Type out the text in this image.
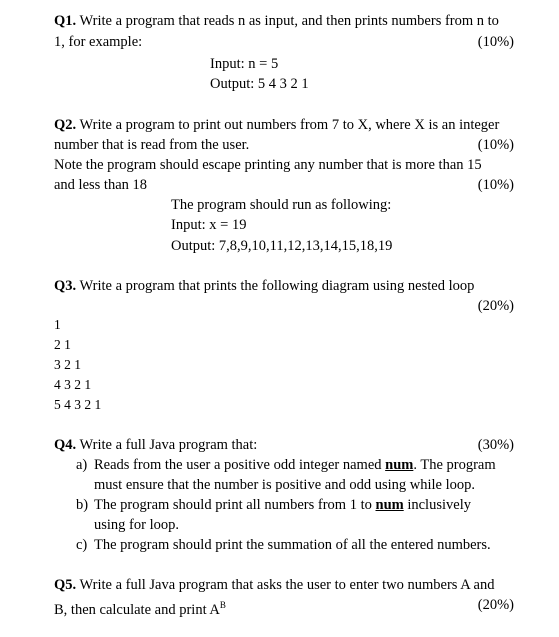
Q1. Write a program that reads n as input, and then prints numbers from n to
1, for example:	(10%)
Input: n = 5
Output: 5 4 3 2 1
Q2. Write a program to print out numbers from 7 to X, where X is an integer
number that is read from the user.	(10%)
Note the program should escape printing any number that is more than 15
and less than 18	(10%)
The program should run as following:
Input: x = 19
Output: 7,8,9,10,11,12,13,14,15,18,19
Q3. Write a program that prints the following diagram using nested loop
(20%)
1
2 1
3 2 1
4 3 2 1
5 4 3 2 1
Q4. Write a full Java program that:	(30%)
a) Reads from the user a positive odd integer named num. The program
must ensure that the number is positive and odd using while loop.
b) The program should print all numbers from 1 to num inclusively
using for loop.
c) The program should print the summation of all the entered numbers.
Q5. Write a full Java program that asks the user to enter two numbers A and
B, then calculate and print $A^B$	(20%)
